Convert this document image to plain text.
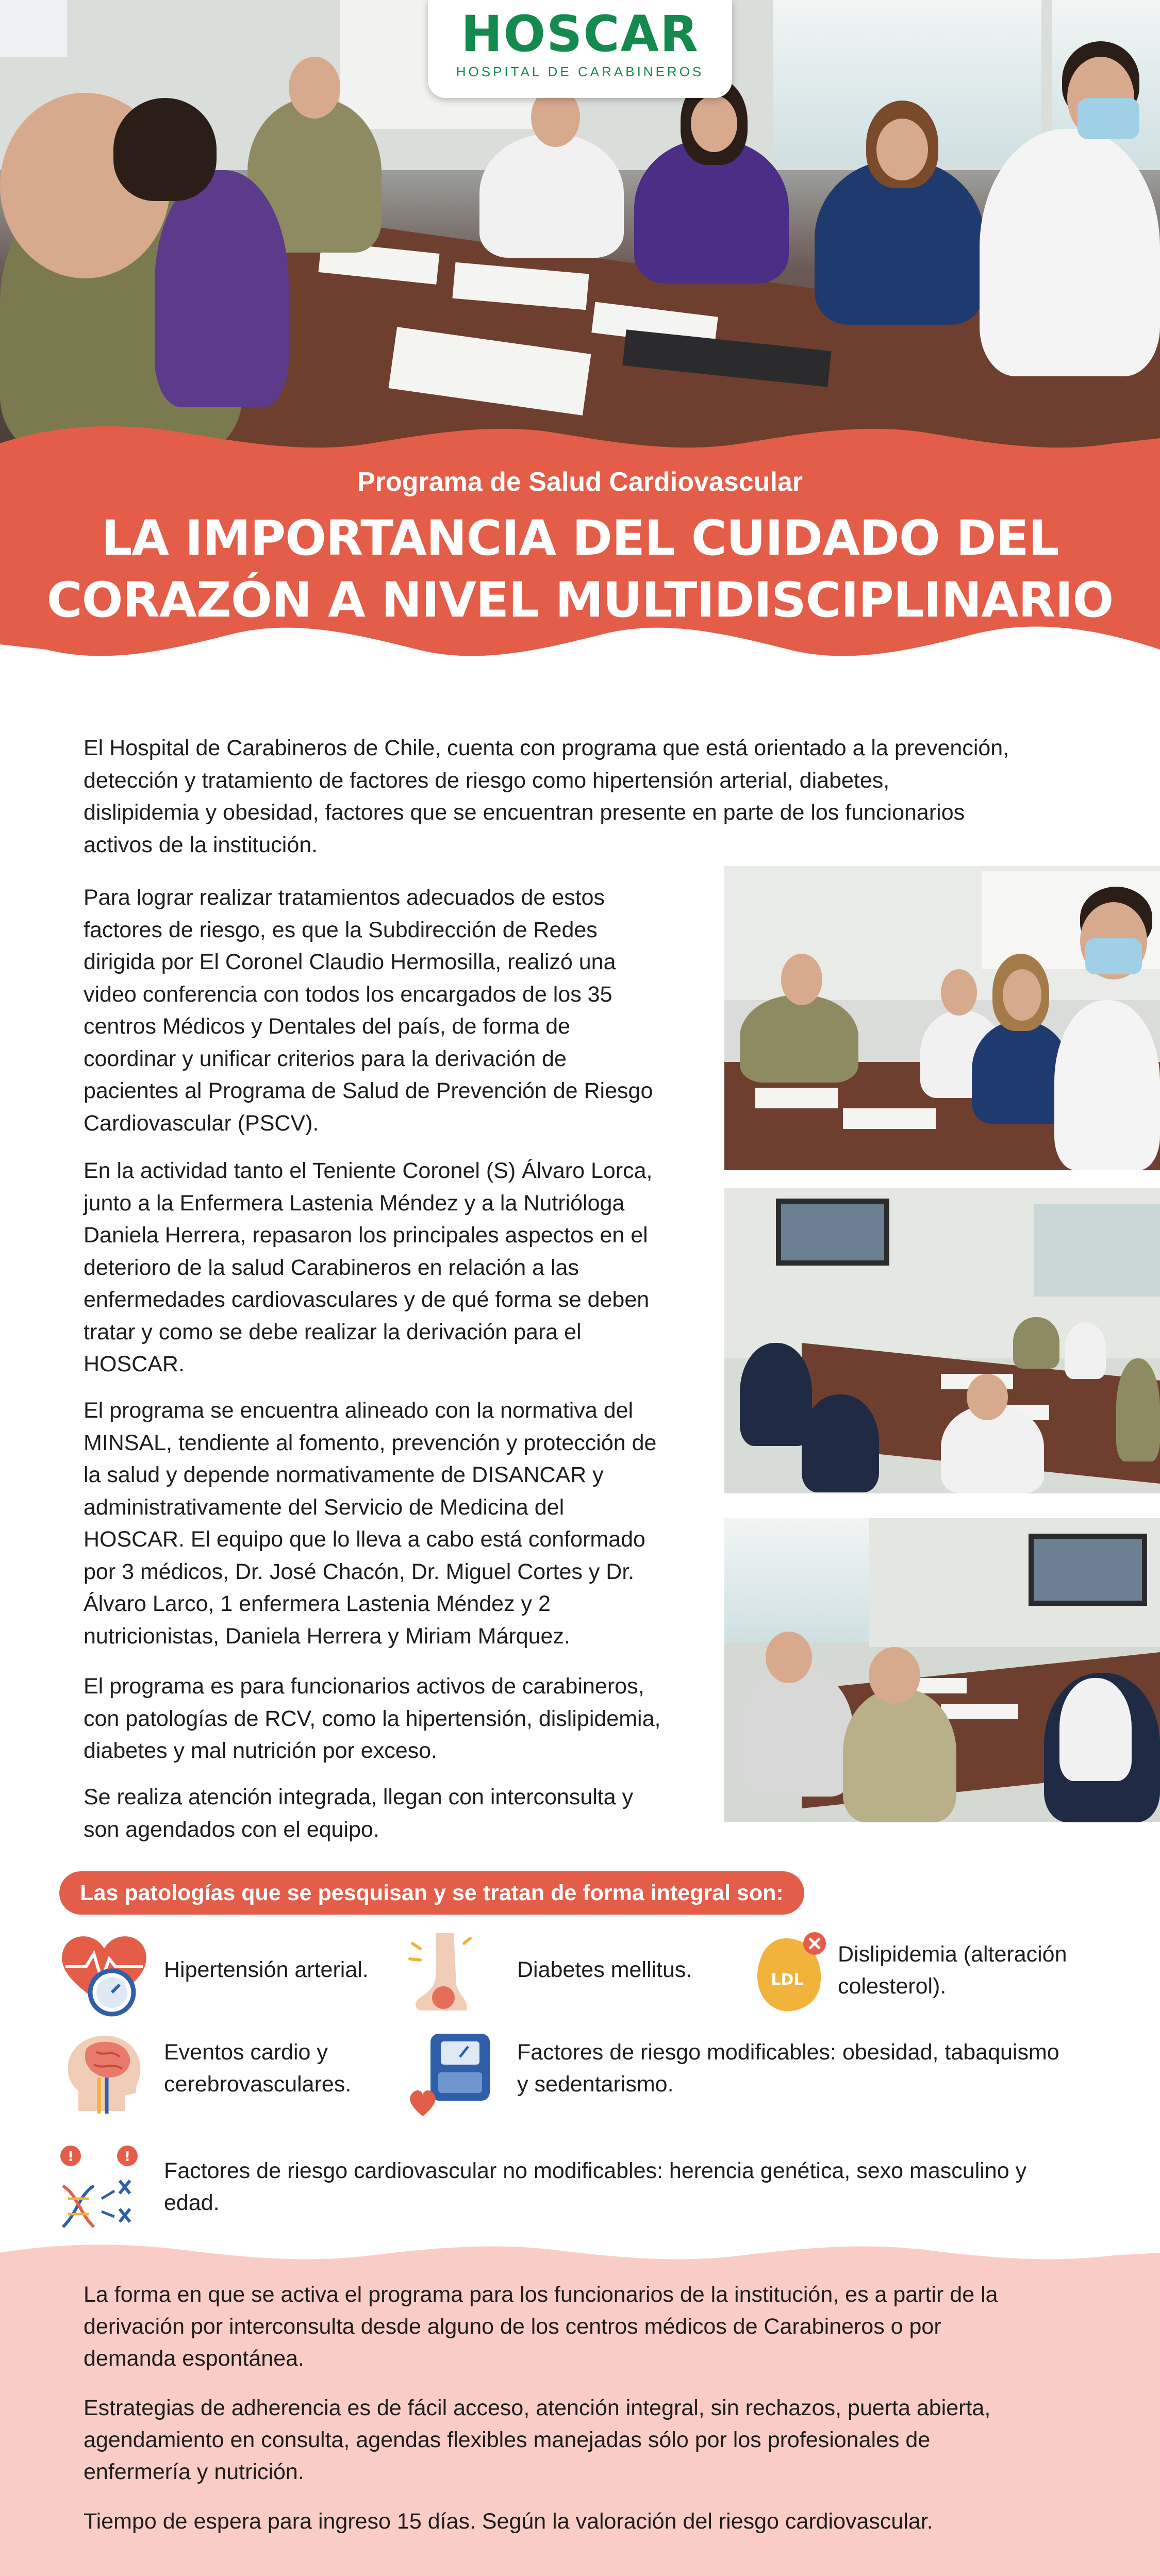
HOSCAR
HOSPITAL DE CARABINEROS
Programa de Salud Cardiovascular
LA IMPORTANCIA DEL CUIDADO DEL
CORAZÓN A NIVEL MULTIDISCIPLINARIO
El Hospital de Carabineros de Chile, cuenta con programa que está orientado a la prevención,
detección y tratamiento de factores de riesgo como hipertensión arterial, diabetes,
dislipidemia y obesidad, factores que se encuentran presente en parte de los funcionarios
activos de la institución.
Para lograr realizar tratamientos adecuados de estos
factores de riesgo, es que la Subdirección de Redes
dirigida por El Coronel Claudio Hermosilla, realizó una
video conferencia con todos los encargados de los 35
centros Médicos y Dentales del país, de forma de
coordinar y unificar criterios para la derivación de
pacientes al Programa de Salud de Prevención de Riesgo
Cardiovascular (PSCV).
En la actividad tanto el Teniente Coronel (S) Álvaro Lorca,
junto a la Enfermera Lastenia Méndez y a la Nutrióloga
Daniela Herrera, repasaron los principales aspectos en el
deterioro de la salud Carabineros en relación a las
enfermedades cardiovasculares y de qué forma se deben
tratar y como se debe realizar la derivación para el
HOSCAR.
El programa se encuentra alineado con la normativa del
MINSAL, tendiente al fomento, prevención y protección de
la salud y depende normativamente de DISANCAR y
administrativamente del Servicio de Medicina del
HOSCAR. El equipo que lo lleva a cabo está conformado
por 3 médicos, Dr. José Chacón, Dr. Miguel Cortes y Dr.
Álvaro Larco, 1 enfermera Lastenia Méndez y 2
nutricionistas, Daniela Herrera y Miriam Márquez.
El programa es para funcionarios activos de carabineros,
con patologías de RCV, como la hipertensión, dislipidemia,
diabetes y mal nutrición por exceso.
Se realiza atención integrada, llegan con interconsulta y
son agendados con el equipo.
Las patologías que se pesquisan y se tratan de forma integral son:
Hipertensión arterial.	Diabetes mellitus.	LDL
Dislipidemia (alteración
colesterol).
Eventos cardio y
cerebrovasculares.
Factores de riesgo modificables: obesidad, tabaquismo
y sedentarismo.
!	!
Factores de riesgo cardiovascular no modificables: herencia genética, sexo masculino y
edad.
La forma en que se activa el programa para los funcionarios de la institución, es a partir de la
derivación por interconsulta desde alguno de los centros médicos de Carabineros o por
demanda espontánea.
Estrategias de adherencia es de fácil acceso, atención integral, sin rechazos, puerta abierta,
agendamiento en consulta, agendas flexibles manejadas sólo por los profesionales de
enfermería y nutrición.
Tiempo de espera para ingreso 15 días. Según la valoración del riesgo cardiovascular.
